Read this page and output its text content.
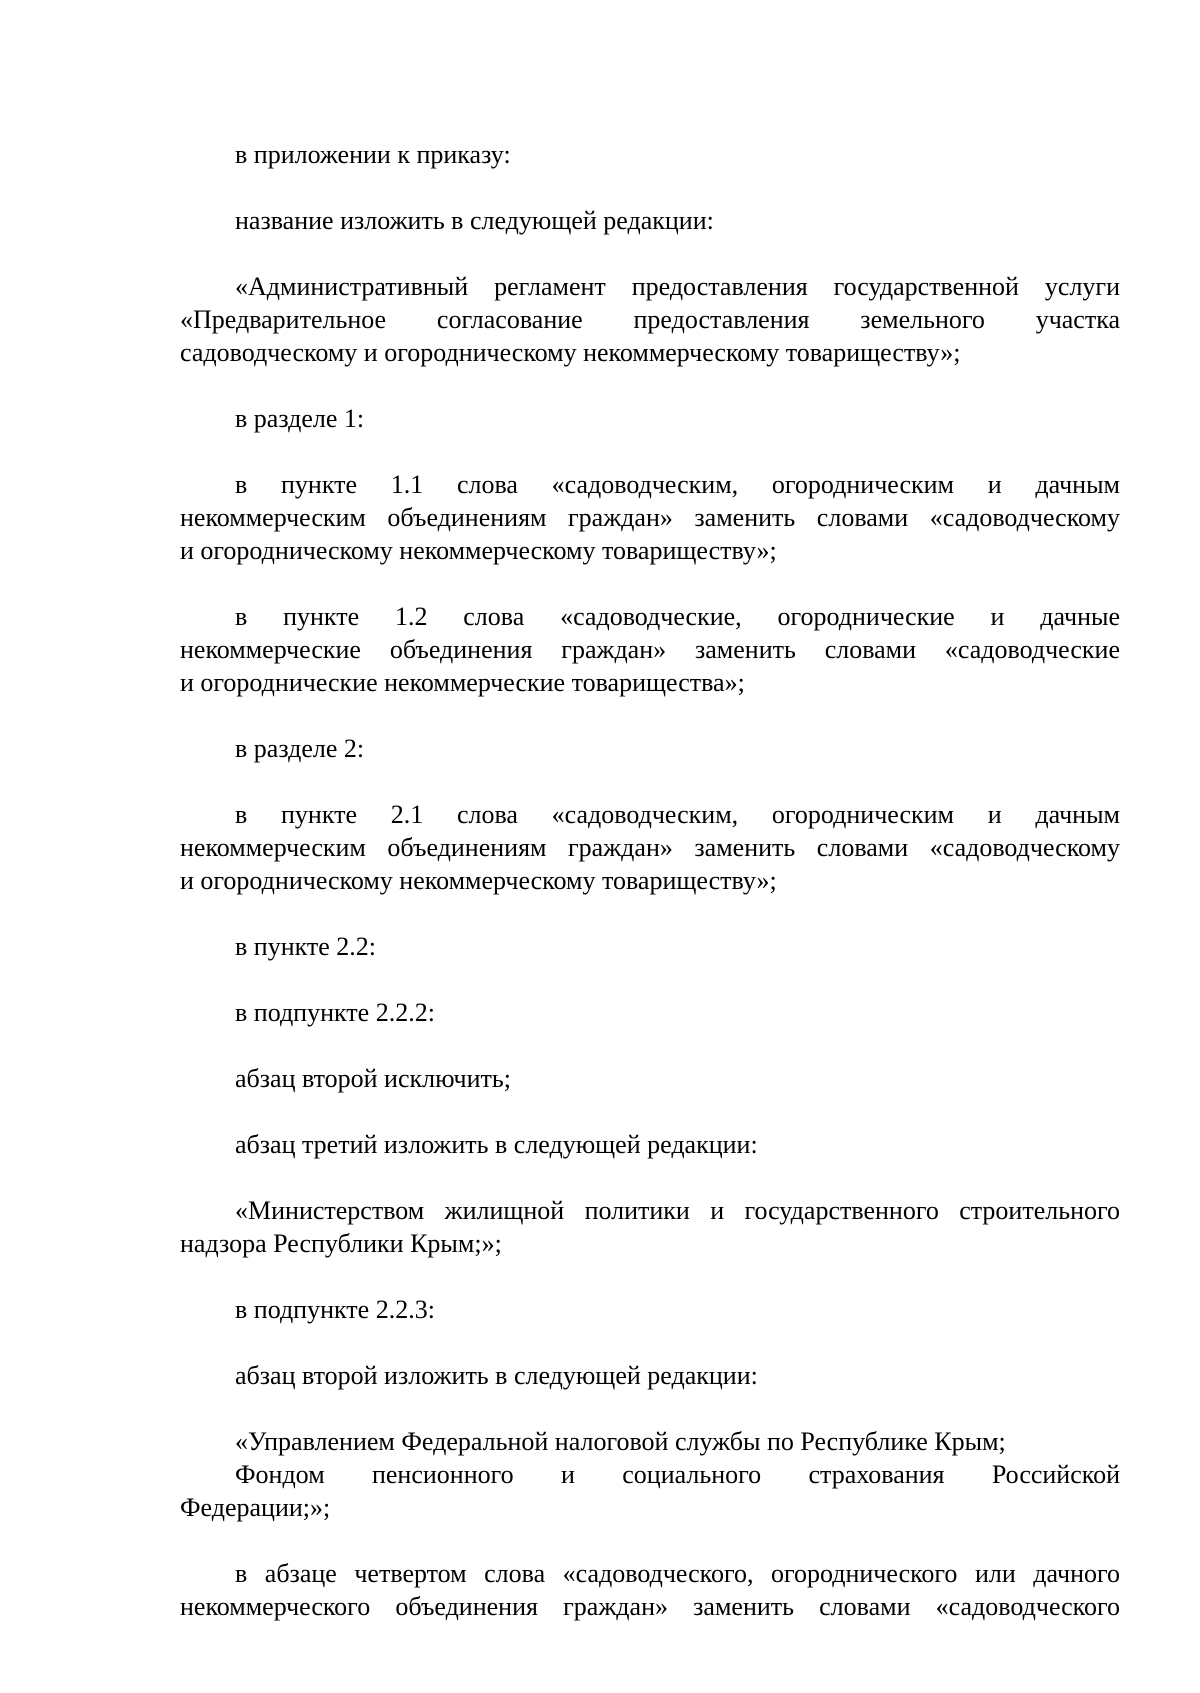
в приложении к приказу:

название изложить в следующей редакции:

«Административный регламент предоставления государственной услуги
«Предварительное согласование предоставления земельного участка
садоводческому и огородническому некоммерческому товариществу»;

в разделе 1:

в пункте 1.1 слова «садоводческим, огородническим и дачным
некоммерческим объединениям граждан» заменить словами «садоводческому
и огородническому некоммерческому товариществу»;

в пункте 1.2 слова «садоводческие, огороднические и дачные
некоммерческие объединения граждан» заменить словами «садоводческие
и огороднические некоммерческие товарищества»;

в разделе 2:

в пункте 2.1 слова «садоводческим, огородническим и дачным
некоммерческим объединениям граждан» заменить словами «садоводческому
и огородническому некоммерческому товариществу»;

в пункте 2.2:

в подпункте 2.2.2:

абзац второй исключить;

абзац третий изложить в следующей редакции:

«Министерством жилищной политики и государственного строительного
надзора Республики Крым;»;

в подпункте 2.2.3:

абзац второй изложить в следующей редакции:

«Управлением Федеральной налоговой службы по Республике Крым;

Фондом пенсионного и социального страхования Российской
Федерации;»;

в абзаце четвертом слова «садоводческого, огороднического или дачного
некоммерческого объединения граждан» заменить словами «садоводческого
